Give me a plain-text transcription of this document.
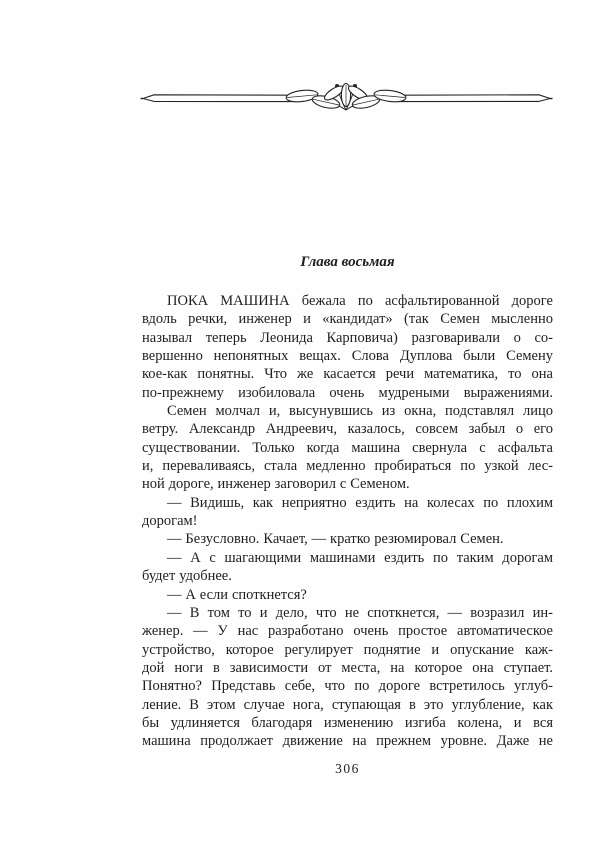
Глава восьмая
ПОКА МАШИНА бежала по асфальтированной дороге
вдоль речки, инженер и «кандидат» (так Семен мысленно
называл теперь Леонида Карповича) разговаривали о со-
вершенно непонятных вещах. Слова Дуплова были Семену
кое-как понятны. Что же касается речи математика, то она
по-прежнему изобиловала очень мудреными выражениями.
Семен молчал и, высунувшись из окна, подставлял лицо
ветру. Александр Андреевич, казалось, совсем забыл о его
существовании. Только когда машина свернула с асфальта
и, переваливаясь, стала медленно пробираться по узкой лес-
ной дороге, инженер заговорил с Семеном.
— Видишь, как неприятно ездить на колесах по плохим
дорогам!
— Безусловно. Качает, — кратко резюмировал Семен.
— А с шагающими машинами ездить по таким дорогам
будет удобнее.
— А если споткнется?
— В том то и дело, что не споткнется, — возразил ин-
женер. — У нас разработано очень простое автоматическое
устройство, которое регулирует поднятие и опускание каж-
дой ноги в зависимости от места, на которое она ступает.
Понятно? Представь себе, что по дороге встретилось углуб-
ление. В этом случае нога, ступающая в это углубление, как
бы удлиняется благодаря изменению изгиба колена, и вся
машина продолжает движение на прежнем уровне. Даже не
306
